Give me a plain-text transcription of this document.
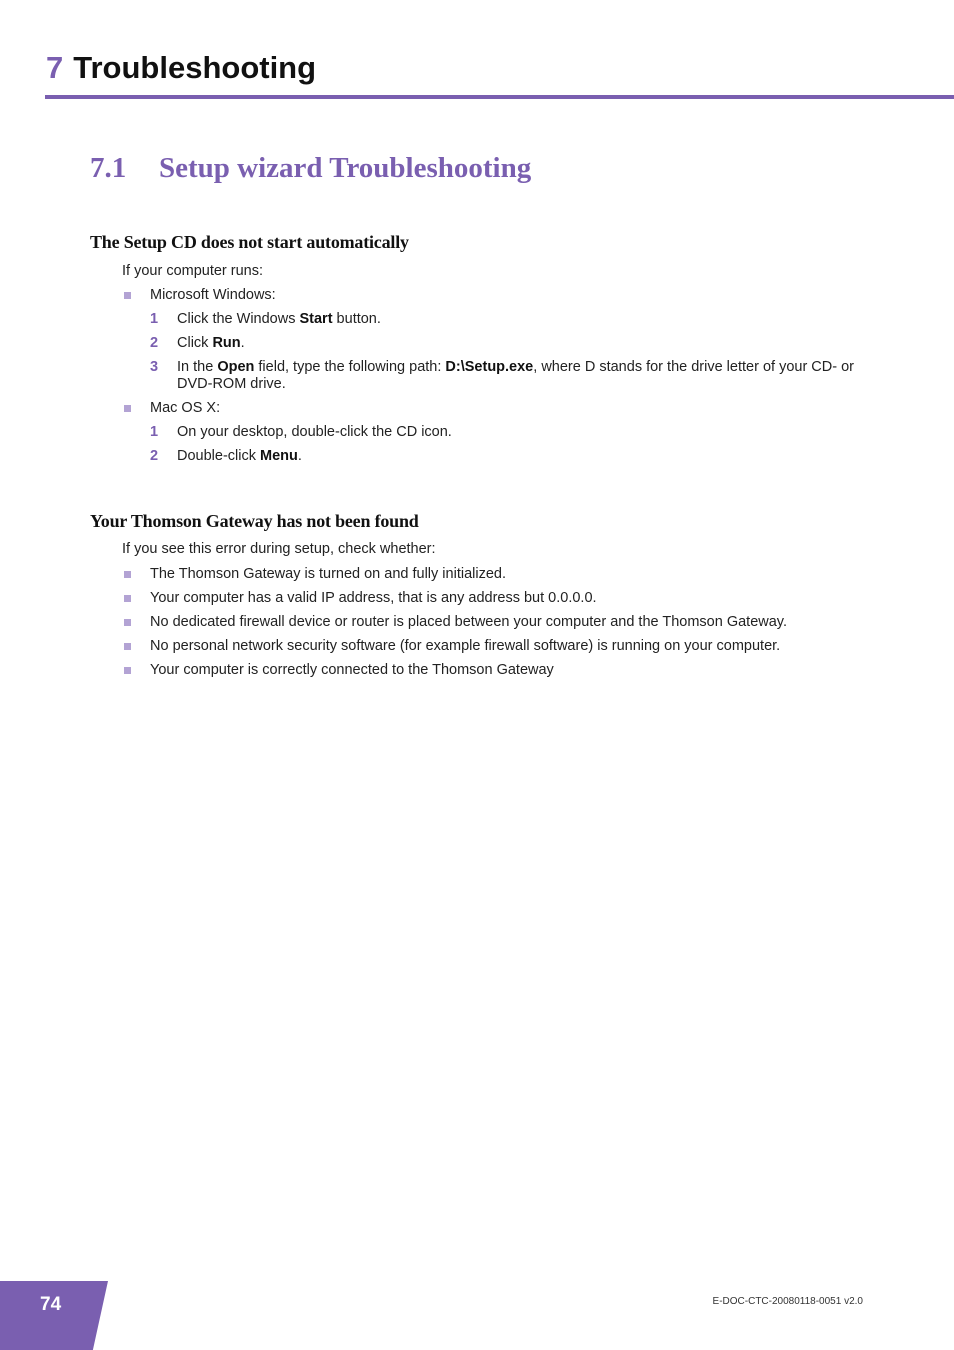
7 Troubleshooting
7.1 Setup wizard Troubleshooting
The Setup CD does not start automatically

If your computer runs:

Microsoft Windows:
1	Click the Windows Start button.
2	Click Run.
3	In the Open field, type the following path: D:\Setup.exe, where D stands for the drive letter of your CD- or DVD-ROM drive.
Mac OS X:
1	On your desktop, double-click the CD icon.
2	Double-click Menu.
Your Thomson Gateway has not been found

If you see this error during setup, check whether:

The Thomson Gateway is turned on and fully initialized.
Your computer has a valid IP address, that is any address but 0.0.0.0.
No dedicated firewall device or router is placed between your computer and the Thomson Gateway.
No personal network security software (for example firewall software) is running on your computer.
Your computer is correctly connected to the Thomson Gateway
74	E-DOC-CTC-20080118-0051 v2.0
